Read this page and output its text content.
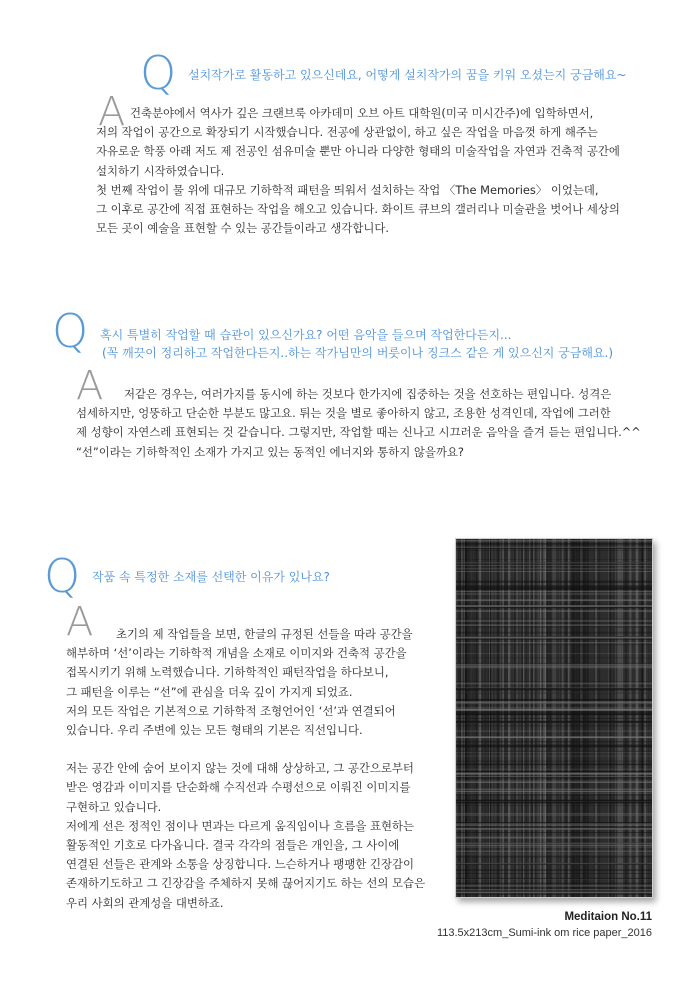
Q 설치작가로 활동하고 있으신데요, 어떻게 설치작가의 꿈을 키워 오셨는지 궁금해요~
A 건축분야에서 역사가 깊은 크랜브룩 아카데미 오브 아트 대학원(미국 미시간주)에 입학하면서,
저의 작업이 공간으로 확장되기 시작했습니다. 전공에 상관없이, 하고 싶은 작업을 마음껏 하게 해주는
자유로운 학풍 아래 저도 제 전공인 섬유미술 뿐만 아니라 다양한 형태의 미술작업을 자연과 건축적 공간에
설치하기 시작하였습니다.
첫 번째 작업이 물 위에 대규모 기하학적 패턴을 띄워서 설치하는 작업 〈The Memories〉 이었는데,
그 이후로 공간에 직접 표현하는 작업을 해오고 있습니다. 화이트 큐브의 갤러리나 미술관을 벗어나 세상의
모든 곳이 예술을 표현할 수 있는 공간들이라고 생각합니다.
Q 혹시 특별히 작업할 때 습관이 있으신가요? 어떤 음악을 들으며 작업한다든지...
(꼭 깨끗이 정리하고 작업한다든지..하는 작가님만의 버릇이나 징크스 같은 게 있으신지 궁금해요.)
A	저같은 경우는, 여러가지를 동시에 하는 것보다 한가지에 집중하는 것을 선호하는 편입니다. 성격은
섬세하지만, 엉뚱하고 단순한 부분도 많고요. 튀는 것을 별로 좋아하지 않고, 조용한 성격인데, 작업에 그러한
제 성향이 자연스레 표현되는 것 같습니다. 그렇지만, 작업할 때는 신나고 시끄러운 음악을 즐겨 듣는 편입니다.^^
“선”이라는 기하학적인 소재가 가지고 있는 동적인 에너지와 통하지 않을까요?
Q 작품 속 특정한 소재를 선택한 이유가 있나요?
A	초기의 제 작업들을 보면, 한글의 규정된 선들을 따라 공간을
해부하며 ‘선’이라는 기하학적 개념을 소재로 이미지와 건축적 공간을
접목시키기 위해 노력했습니다. 기하학적인 패턴작업을 하다보니,
그 패턴을 이루는 “선”에 관심을 더욱 깊이 가지게 되었죠.
저의 모든 작업은 기본적으로 기하학적 조형언어인 ‘선’과 연결되어
있습니다. 우리 주변에 있는 모든 형태의 기본은 직선입니다.
저는 공간 안에 숨어 보이지 않는 것에 대해 상상하고, 그 공간으로부터
받은 영감과 이미지를 단순화해 수직선과 수평선으로 이뤄진 이미지를
구현하고 있습니다.
저에게 선은 정적인 점이나 면과는 다르게 움직임이나 흐름을 표현하는
활동적인 기호로 다가옵니다. 결국 각각의 점들은 개인을, 그 사이에
연결된 선들은 관계와 소통을 상징합니다. 느슨하거나 팽팽한 긴장감이
존재하기도하고 그 긴장감을 주체하지 못해 끊어지기도 하는 선의 모습은
우리 사회의 관계성을 대변하죠.
Meditaion No.11
113.5x213cm_Sumi-ink om rice paper_2016
